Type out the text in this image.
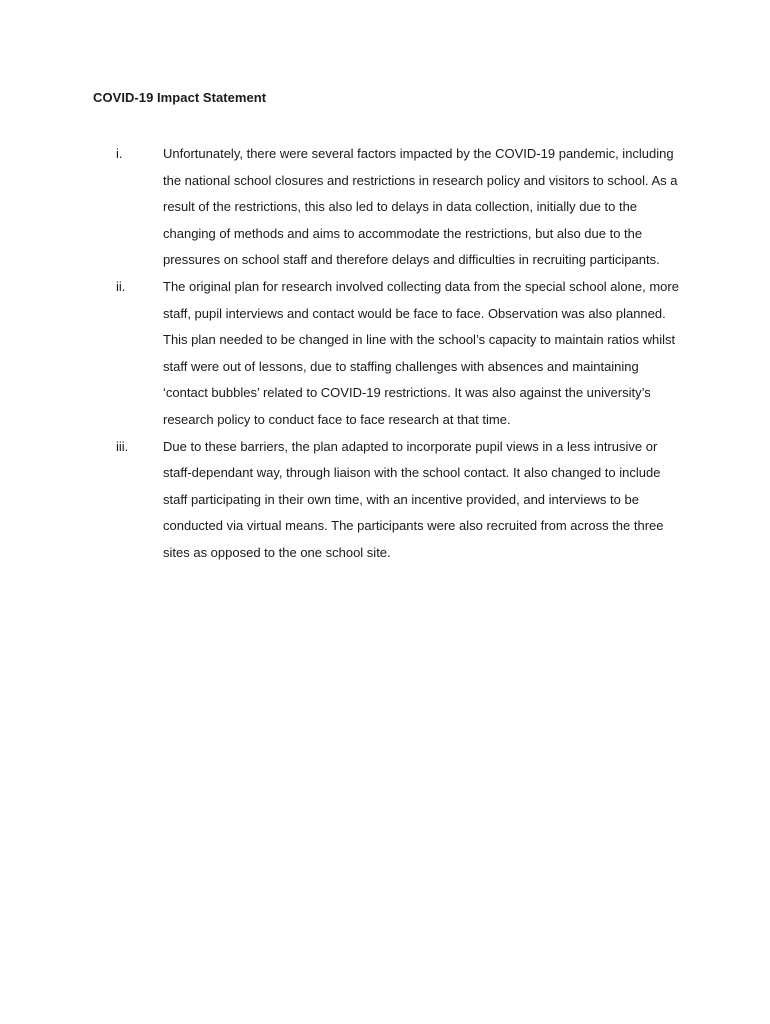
COVID-19 Impact Statement
i.	Unfortunately, there were several factors impacted by the COVID-19 pandemic, including the national school closures and restrictions in research policy and visitors to school. As a result of the restrictions, this also led to delays in data collection, initially due to the changing of methods and aims to accommodate the restrictions, but also due to the pressures on school staff and therefore delays and difficulties in recruiting participants.

ii.	The original plan for research involved collecting data from the special school alone, more staff, pupil interviews and contact would be face to face. Observation was also planned. This plan needed to be changed in line with the school’s capacity to maintain ratios whilst staff were out of lessons, due to staffing challenges with absences and maintaining ‘contact bubbles’ related to COVID-19 restrictions. It was also against the university’s research policy to conduct face to face research at that time.

iii.	Due to these barriers, the plan adapted to incorporate pupil views in a less intrusive or staff-dependant way, through liaison with the school contact. It also changed to include staff participating in their own time, with an incentive provided, and interviews to be conducted via virtual means. The participants were also recruited from across the three sites as opposed to the one school site.
